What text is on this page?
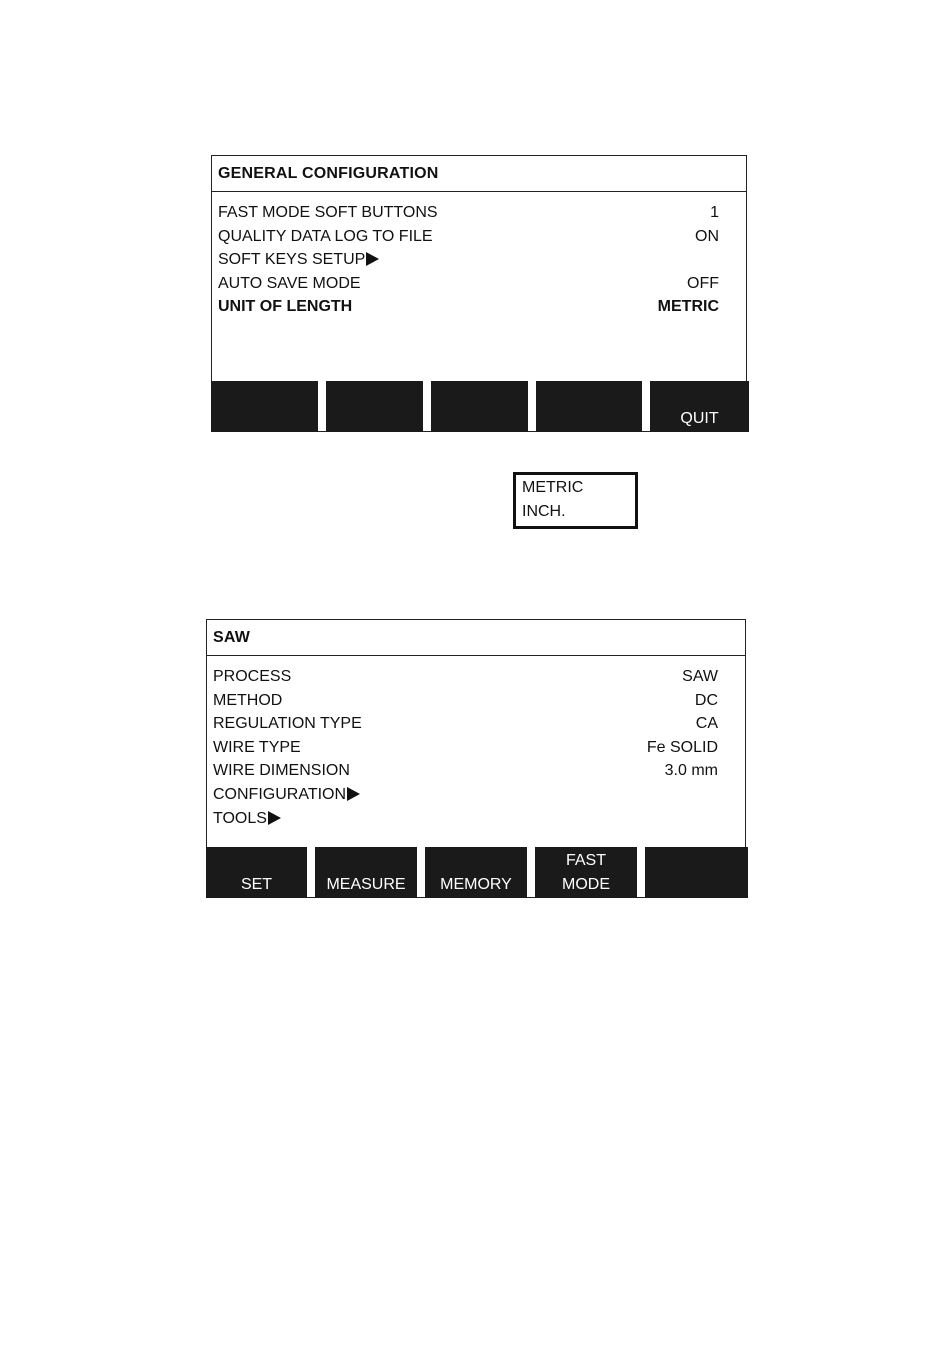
GENERAL CONFIGURATION
FAST MODE SOFT BUTTONS	1
QUALITY DATA LOG TO FILE	ON
SOFT KEYS SETUP
AUTO SAVE MODE	OFF
UNIT OF LENGTH	METRIC
QUIT
METRIC
INCH.
SAW
PROCESS	SAW
METHOD	DC
REGULATION TYPE	CA
WIRE TYPE	Fe SOLID
WIRE DIMENSION	3.0 mm
CONFIGURATION
TOOLS
SET	MEASURE	MEMORY
FAST
MODE
